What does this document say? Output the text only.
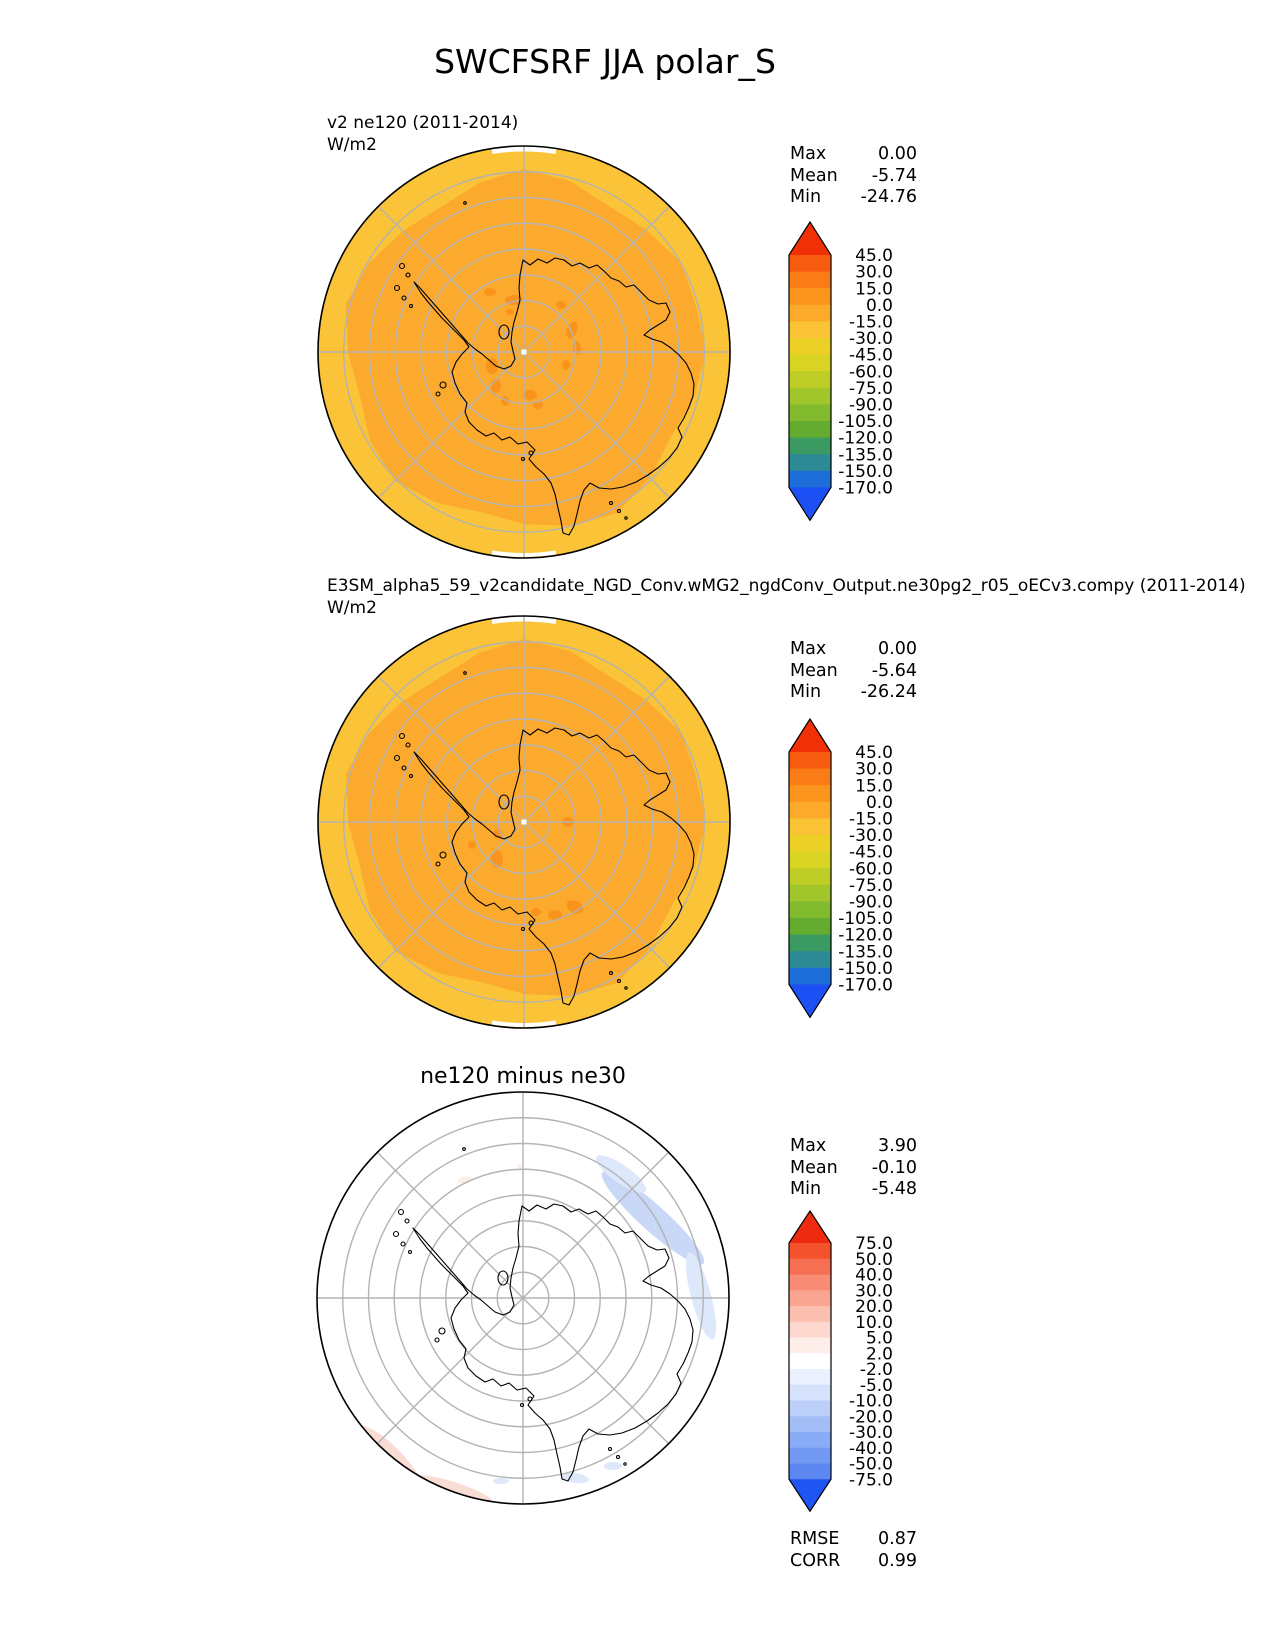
SWCFSRF JJA polar_S
v2 ne120 (2011-2014)
W/m2	Max	0.00
Mean -5.74
Min -24.76
45.0
30.0
15.0
0.0
-15.0
-30.0
-45.0
-60.0
-75.0
-90.0
-105.0
-120.0
-135.0
-150.0
-170.0
E3SM_alpha5_59_v2candidate_NGD_Conv.wMG2_ngdConv_Output.ne30pg2_r05_oECv3.compy (2011-2014)
W/m2
Max	0.00
Mean -5.64
Min -26.24
45.0
30.0
15.0
0.0
-15.0
-30.0
-45.0
-60.0
-75.0
-90.0
-105.0
-120.0
-135.0
-150.0
-170.0
ne120 minus ne30
Max	3.90
Mean -0.10
Min	-5.48
75.0
50.0
40.0
30.0
20.0
10.0
5.0
2.0
-2.0
-5.0
-10.0
-20.0
-30.0
-40.0
-50.0
-75.0
RMSE 0.87
CORR 0.99
